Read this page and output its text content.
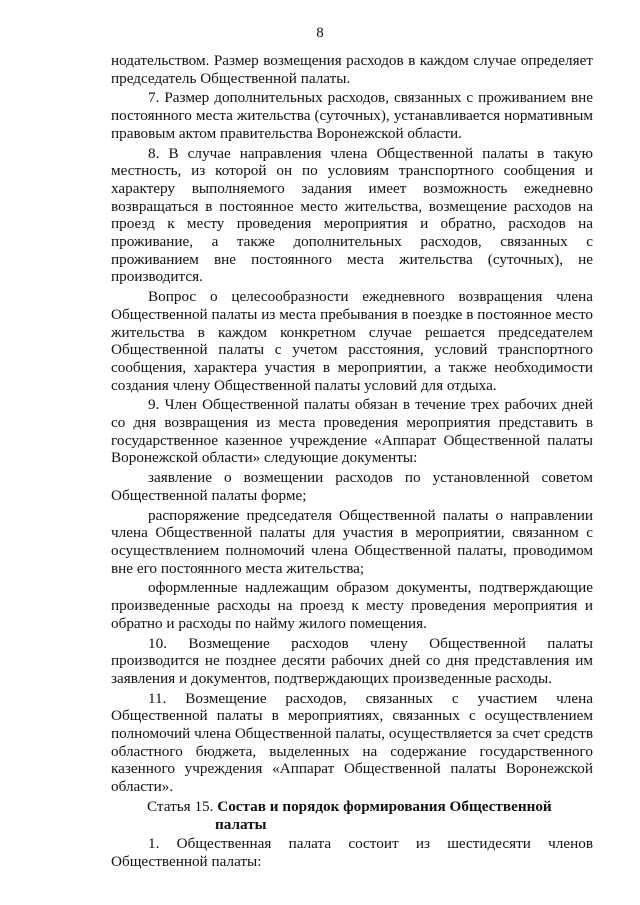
8

нодательством. Размер возмещения расходов в каждом случае определяет председатель Общественной палаты.

7. Размер дополнительных расходов, связанных с проживанием вне постоянного места жительства (суточных), устанавливается нормативным правовым актом правительства Воронежской области.

8. В случае направления члена Общественной палаты в такую местность, из которой он по условиям транспортного сообщения и характеру выполняемого задания имеет возможность ежедневно возвращаться в постоянное место жительства, возмещение расходов на проезд к месту проведения мероприятия и обратно, расходов на проживание, а также дополнительных расходов, связанных с проживанием вне постоянного места жительства (суточных), не производится.

Вопрос о целесообразности ежедневного возвращения члена Общественной палаты из места пребывания в поездке в постоянное место жительства в каждом конкретном случае решается председателем Общественной палаты с учетом расстояния, условий транспортного сообщения, характера участия в мероприятии, а также необходимости создания члену Общественной палаты условий для отдыха.

9. Член Общественной палаты обязан в течение трех рабочих дней со дня возвращения из места проведения мероприятия представить в государственное казенное учреждение «Аппарат Общественной палаты Воронежской области» следующие документы:

заявление о возмещении расходов по установленной советом Общественной палаты форме;

распоряжение председателя Общественной палаты о направлении члена Общественной палаты для участия в мероприятии, связанном с осуществлением полномочий члена Общественной палаты, проводимом вне его постоянного места жительства;

оформленные надлежащим образом документы, подтверждающие произведенные расходы на проезд к месту проведения мероприятия и обратно и расходы по найму жилого помещения.

10. Возмещение расходов члену Общественной палаты производится не позднее десяти рабочих дней со дня представления им заявления и документов, подтверждающих произведенные расходы.

11. Возмещение расходов, связанных с участием члена Общественной палаты в мероприятиях, связанных с осуществлением полномочий члена Общественной палаты, осуществляется за счет средств областного бюджета, выделенных на содержание государственного казенного учреждения «Аппарат Общественной палаты Воронежской области».

Статья 15. Состав и порядок формирования Общественной
палаты

1. Общественная палата состоит из шестидесяти членов Общественной палаты:
